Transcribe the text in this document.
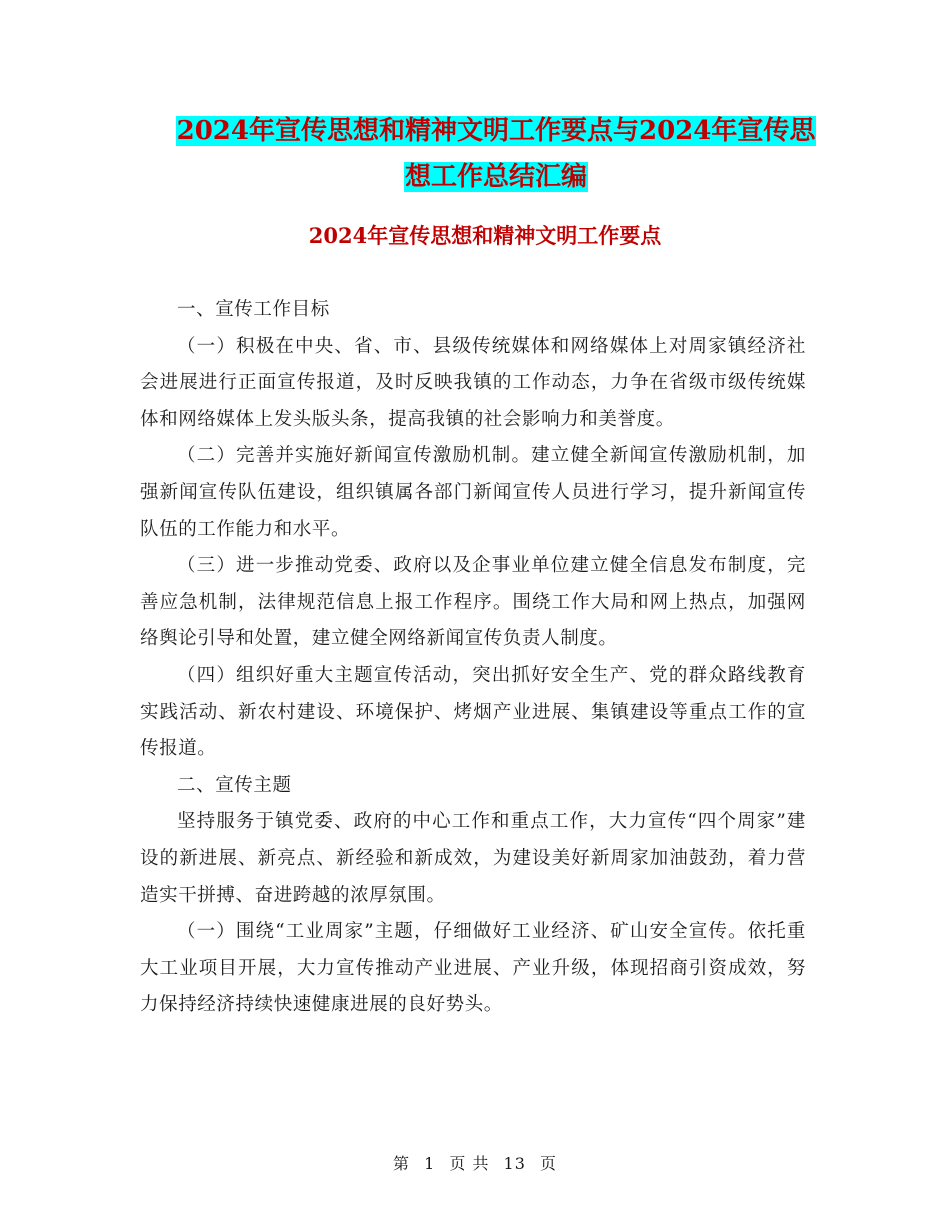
2024年宣传思想和精神文明工作要点与2024年宣传思
想工作总结汇编
2024年宣传思想和精神文明工作要点

一、宣传工作目标

（一）积极在中央、省、市、县级传统媒体和网络媒体上对周家镇经济社会进展进行正面宣传报道，及时反映我镇的工作动态，力争在省级市级传统媒体和网络媒体上发头版头条，提高我镇的社会影响力和美誉度。

（二）完善并实施好新闻宣传激励机制。建立健全新闻宣传激励机制，加强新闻宣传队伍建设，组织镇属各部门新闻宣传人员进行学习，提升新闻宣传队伍的工作能力和水平。

（三）进一步推动党委、政府以及企事业单位建立健全信息发布制度，完善应急机制，法律规范信息上报工作程序。围绕工作大局和网上热点，加强网络舆论引导和处置，建立健全网络新闻宣传负责人制度。

（四）组织好重大主题宣传活动，突出抓好安全生产、党的群众路线教育实践活动、新农村建设、环境保护、烤烟产业进展、集镇建设等重点工作的宣传报道。

二、宣传主题

坚持服务于镇党委、政府的中心工作和重点工作，大力宣传“四个周家”建设的新进展、新亮点、新经验和新成效，为建设美好新周家加油鼓劲，着力营造实干拼搏、奋进跨越的浓厚氛围。

（一）围绕“工业周家”主题，仔细做好工业经济、矿山安全宣传。依托重大工业项目开展，大力宣传推动产业进展、产业升级，体现招商引资成效，努力保持经济持续快速健康进展的良好势头。

第 1 页 共 13 页
